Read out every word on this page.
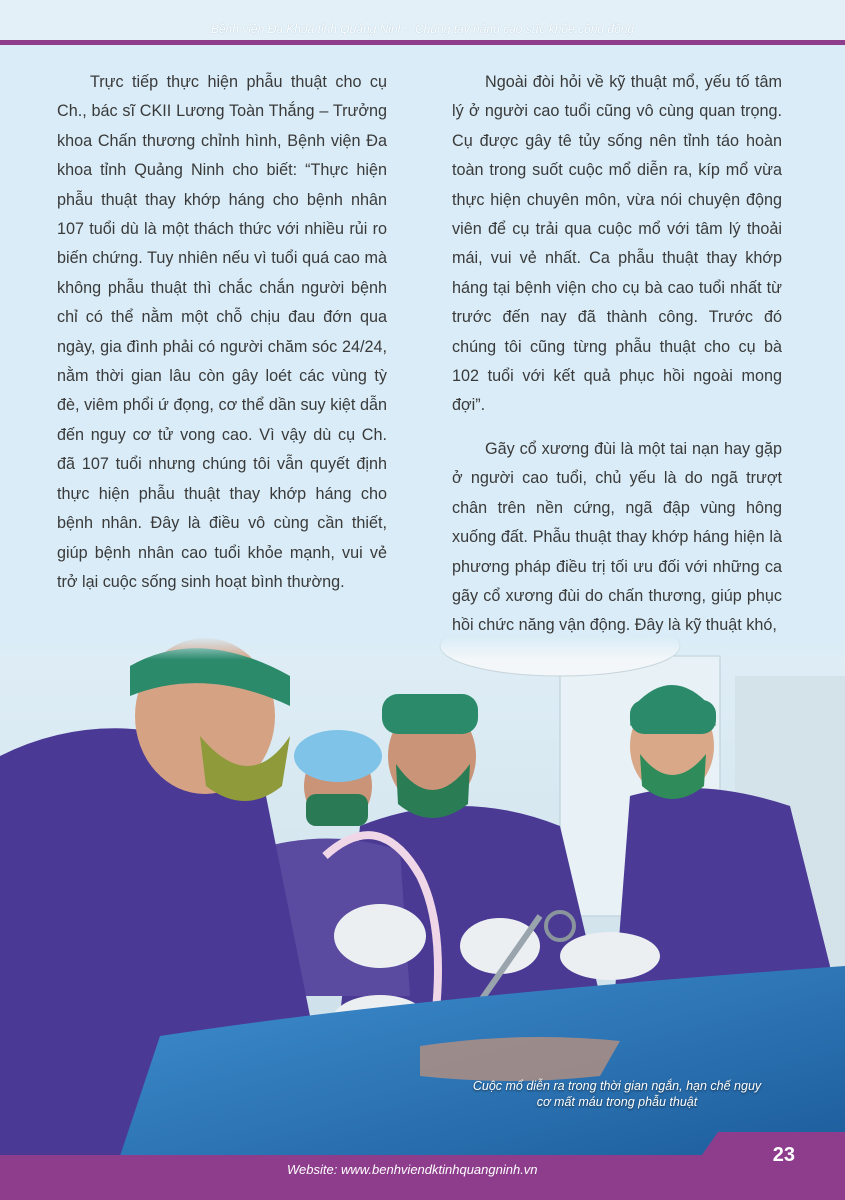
Bệnh viện Đa Khoa tỉnh Quảng Ninh - Chung tay nâng cao sức khỏe cộng đồng

Trực tiếp thực hiện phẫu thuật cho cụ Ch., bác sĩ CKII Lương Toàn Thắng – Trưởng khoa Chấn thương chỉnh hình, Bệnh viện Đa khoa tỉnh Quảng Ninh cho biết: “Thực hiện phẫu thuật thay khớp háng cho bệnh nhân 107 tuổi dù là một thách thức với nhiều rủi ro biến chứng. Tuy nhiên nếu vì tuổi quá cao mà không phẫu thuật thì chắc chắn người bệnh chỉ có thể nằm một chỗ chịu đau đớn qua ngày, gia đình phải có người chăm sóc 24/24, nằm thời gian lâu còn gây loét các vùng tỳ đè, viêm phổi ứ đọng, cơ thể dần suy kiệt dẫn đến nguy cơ tử vong cao. Vì vậy dù cụ Ch. đã 107 tuổi nhưng chúng tôi vẫn quyết định thực hiện phẫu thuật thay khớp háng cho bệnh nhân. Đây là điều vô cùng cần thiết, giúp bệnh nhân cao tuổi khỏe mạnh, vui vẻ trở lại cuộc sống sinh hoạt bình thường.

Ngoài đòi hỏi về kỹ thuật mổ, yếu tố tâm lý ở người cao tuổi cũng vô cùng quan trọng. Cụ được gây tê tủy sống nên tỉnh táo hoàn toàn trong suốt cuộc mổ diễn ra, kíp mổ vừa thực hiện chuyên môn, vừa nói chuyện động viên để cụ trải qua cuộc mổ với tâm lý thoải mái, vui vẻ nhất. Ca phẫu thuật thay khớp háng tại bệnh viện cho cụ bà cao tuổi nhất từ trước đến nay đã thành công. Trước đó chúng tôi cũng từng phẫu thuật cho cụ bà 102 tuổi với kết quả phục hồi ngoài mong đợi”.

Gãy cổ xương đùi là một tai nạn hay gặp ở người cao tuổi, chủ yếu là do ngã trượt chân trên nền cứng, ngã đập vùng hông xuống đất. Phẫu thuật thay khớp háng hiện là phương pháp điều trị tối ưu đối với những ca gãy cổ xương đùi do chấn thương, giúp phục hồi chức năng vận động. Đây là kỹ thuật khó,

Cuộc mổ diễn ra trong thời gian ngắn, hạn chế nguy cơ mất máu trong phẫu thuật
23
Website: www.benhviendktinhquangninh.vn
